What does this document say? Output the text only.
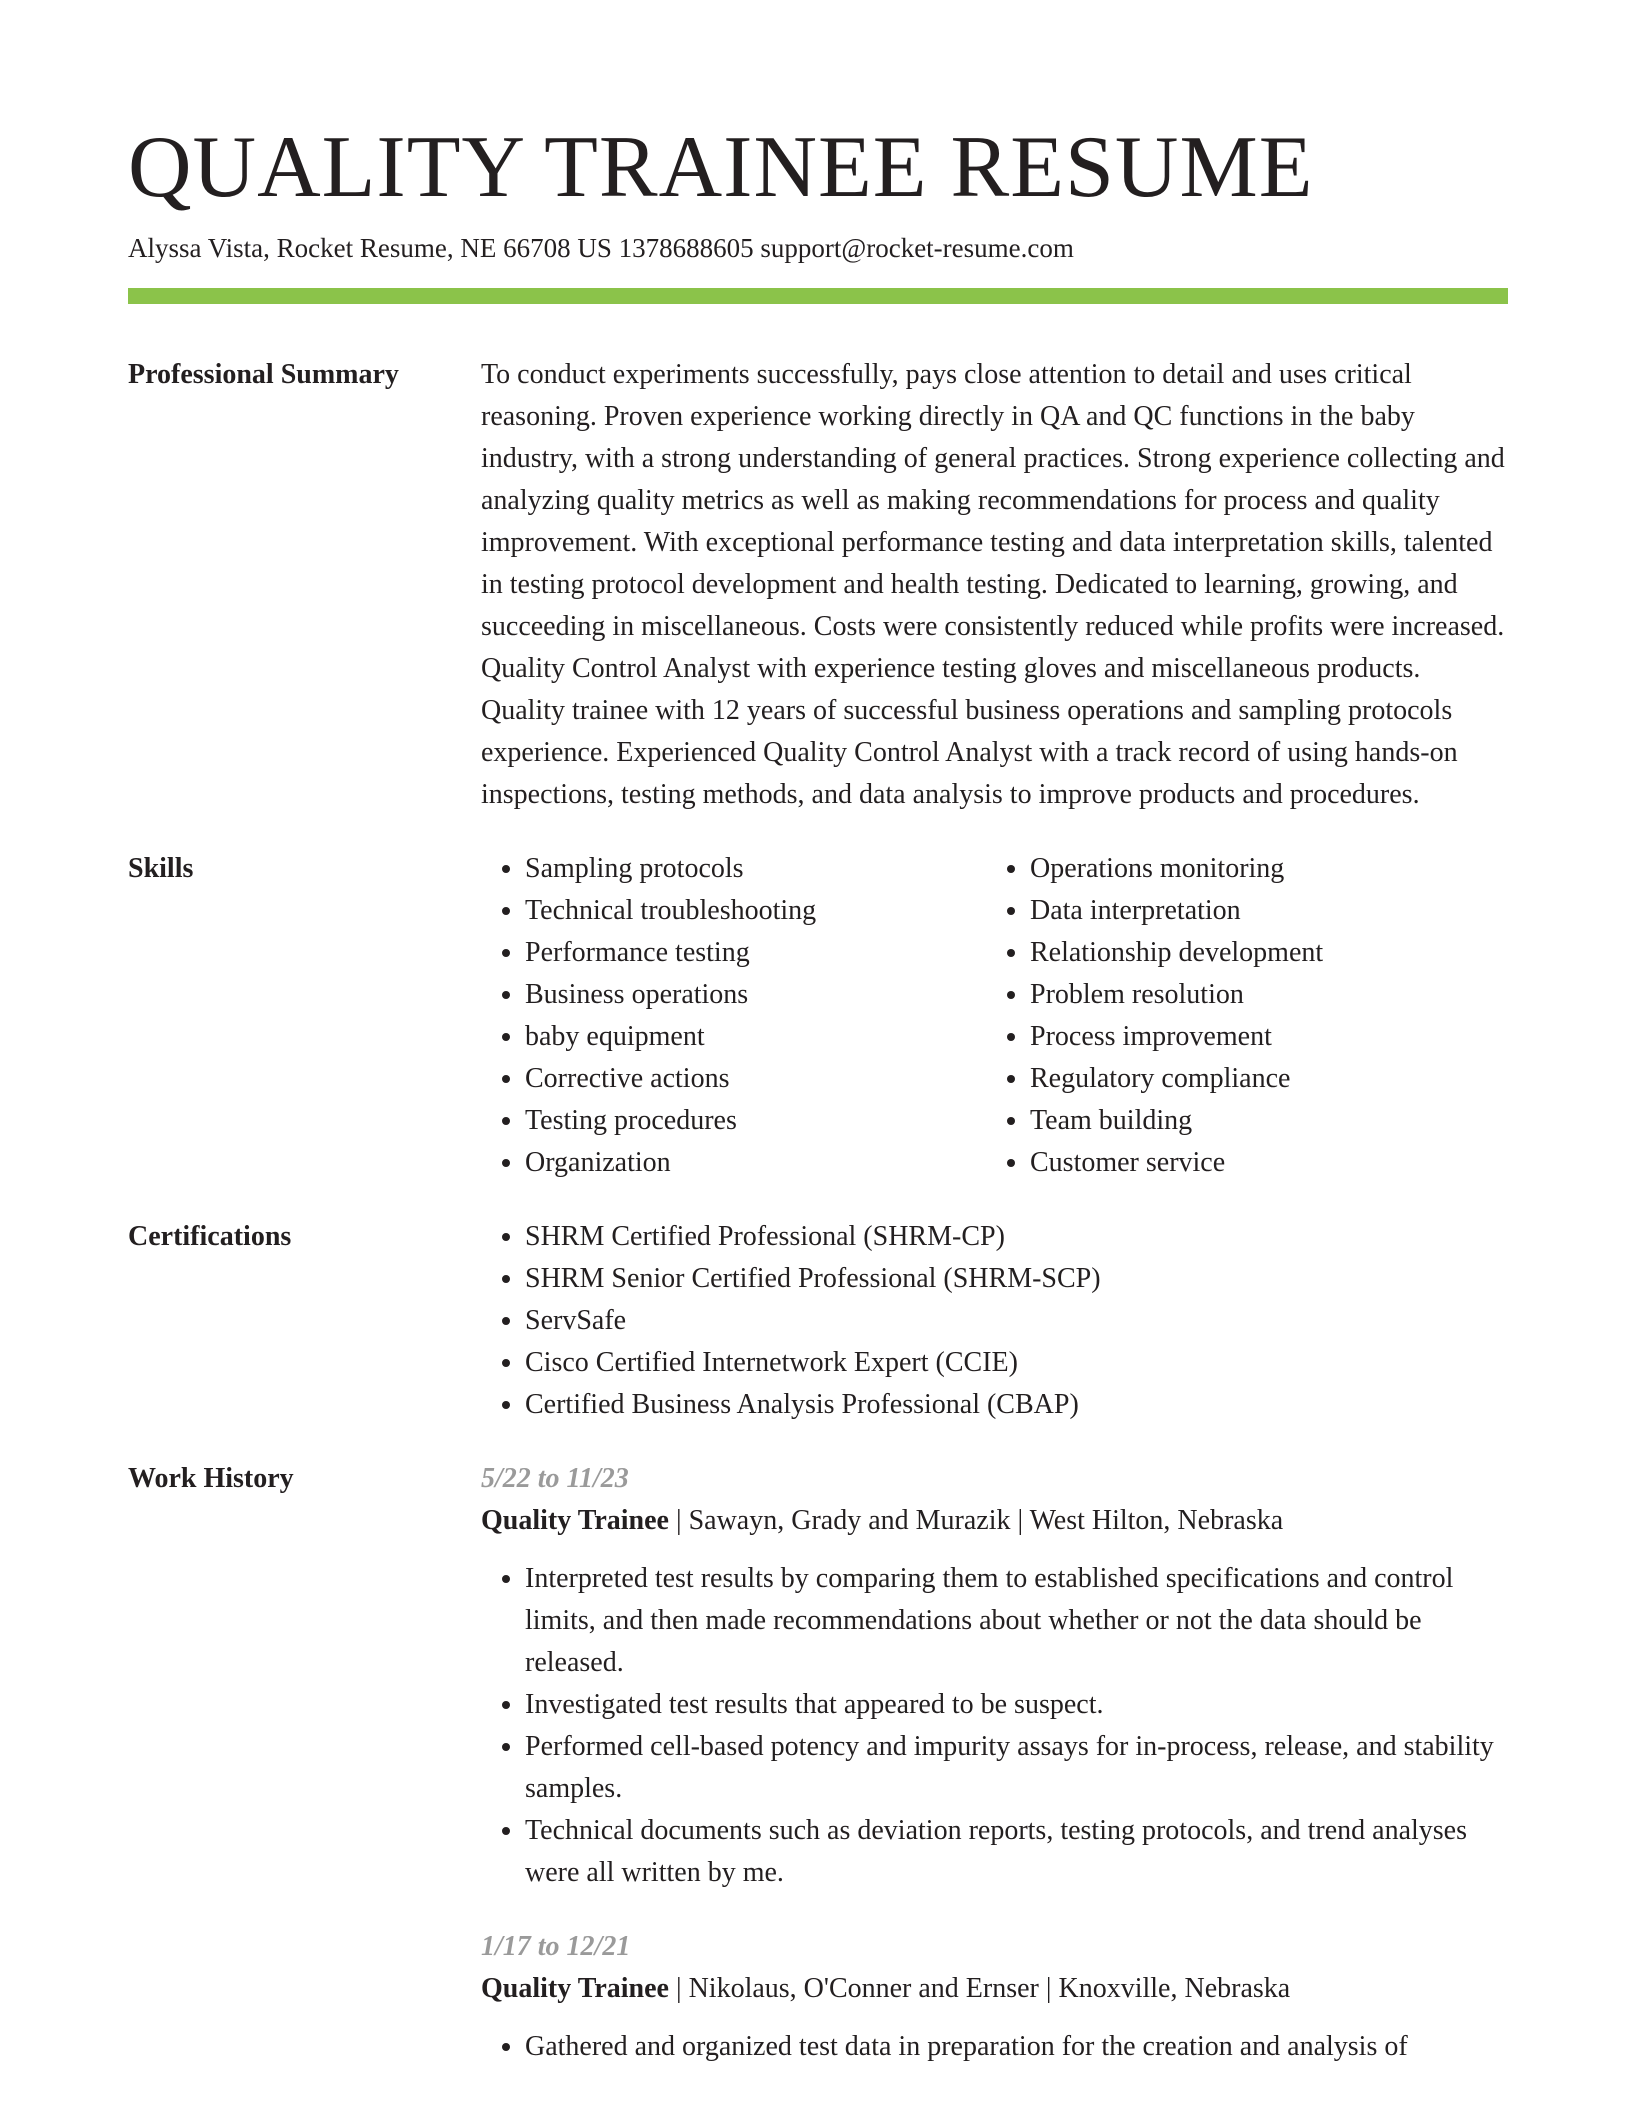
QUALITY TRAINEE RESUME
Alyssa Vista, Rocket Resume, NE 66708 US 1378688605 support@rocket-resume.com
Professional Summary	To conduct experiments successfully, pays close attention to detail and uses critical reasoning. Proven experience working directly in QA and QC functions in the baby industry, with a strong understanding of general practices. Strong experience collecting and analyzing quality metrics as well as making recommendations for process and quality improvement. With exceptional performance testing and data interpretation skills, talented in testing protocol development and health testing. Dedicated to learning, growing, and succeeding in miscellaneous. Costs were consistently reduced while profits were increased. Quality Control Analyst with experience testing gloves and miscellaneous products. Quality trainee with 12 years of successful business operations and sampling protocols experience. Experienced Quality Control Analyst with a track record of using hands-on inspections, testing methods, and data analysis to improve products and procedures.

Skills	• Sampling protocols
• Technical troubleshooting
• Performance testing
• Business operations
• baby equipment
• Corrective actions
• Testing procedures
• Organization
• Operations monitoring
• Data interpretation
• Relationship development
• Problem resolution
• Process improvement
• Regulatory compliance
• Team building
• Customer service
Certifications	• SHRM Certified Professional (SHRM-CP)
• SHRM Senior Certified Professional (SHRM-SCP)
• ServSafe
• Cisco Certified Internetwork Expert (CCIE)
• Certified Business Analysis Professional (CBAP)
Work History	5/22 to 11/23
Quality Trainee | Sawayn, Grady and Murazik | West Hilton, Nebraska
• Interpreted test results by comparing them to established specifications and control limits, and then made recommendations about whether or not the data should be released.
• Investigated test results that appeared to be suspect.
• Performed cell-based potency and impurity assays for in-process, release, and stability samples.
• Technical documents such as deviation reports, testing protocols, and trend analyses were all written by me.
1/17 to 12/21
Quality Trainee | Nikolaus, O'Conner and Ernser | Knoxville, Nebraska
• Gathered and organized test data in preparation for the creation and analysis of
